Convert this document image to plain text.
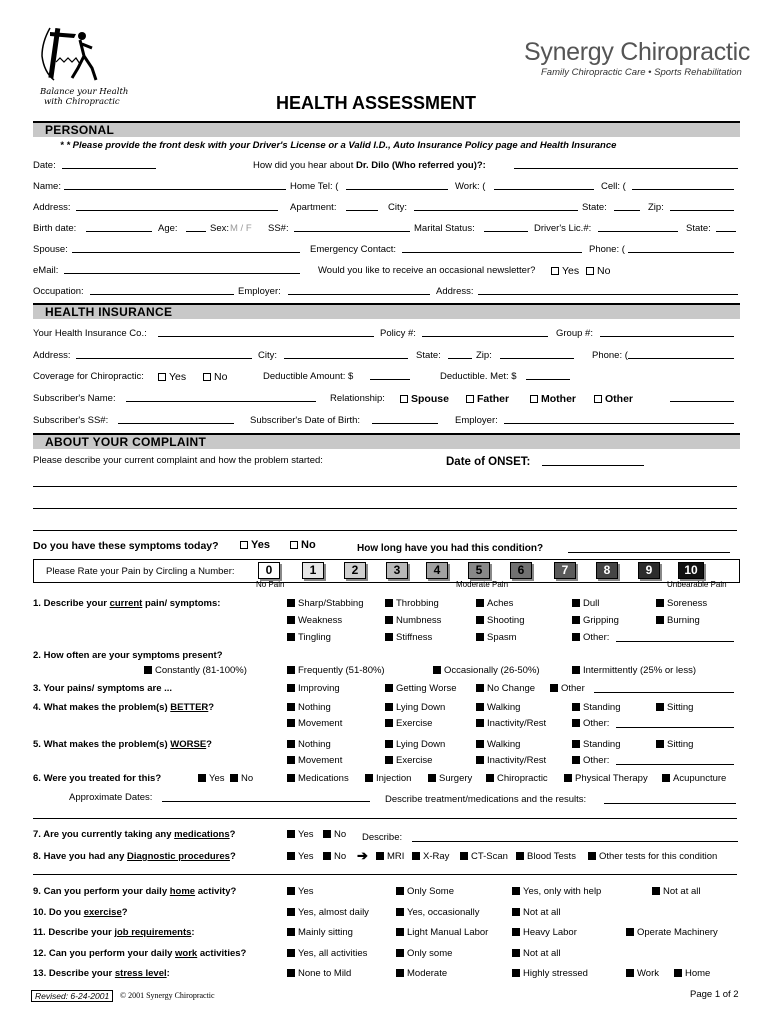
Balance your Health
with Chiropractic
Synergy Chiropractic
Family Chiropractic Care • Sports Rehabilitation
HEALTH ASSESSMENT
PERSONAL
* * Please provide the front desk with your Driver's License or a Valid I.D., Auto Insurance Policy page and Health Insurance
Date:	How did you hear about Dr. Dilo (Who referred you)?:
Name:	Home Tel: (	Work: (	Cell: (
Address:	Apartment:	City:	State:	Zip:
Birth date:	Age:	Sex: M / F SS#:	Marital Status:	Driver's Lic.#:	State:
Spouse:	Emergency Contact:	Phone: (
eMail:	Would you like to receive an occasional newsletter?	Yes	No
Occupation:	Employer:	Address:
HEALTH INSURANCE
Your Health Insurance Co.:	Policy #:	Group #:
Address:	City:	State:	Zip:	Phone: (
Coverage for Chiropractic:	Yes	No	Deductible Amount: $	Deductible. Met: $
Subscriber's Name:	Relationship:	Spouse	Father	Mother	Other
Subscriber's SS#:	Subscriber's Date of Birth:	Employer:
ABOUT YOUR COMPLAINT
Please describe your current complaint and how the problem started:	Date of ONSET:
Do you have these symptoms today?	Yes	No	How long have you had this condition?
Please Rate your Pain by Circling a Number:	0	1	2	3	4	5	6	7	8	9	10
No Pain	Moderate Pain	Unbearable Pain
1. Describe your current pain/ symptoms:	Sharp/Stabbing	Throbbing	Aches	Dull	Soreness
Weakness	Numbness	Shooting	Gripping	Burning
Tingling	Stiffness	Spasm	Other:
2. How often are your symptoms present?
Constantly (81-100%)	Frequently (51-80%)	Occasionally (26-50%)	Intermittently (25% or less)
3. Your pains/ symptoms are ...	Improving	Getting Worse	No Change	Other
4. What makes the problem(s) BETTER?	Nothing	Lying Down	Walking	Standing	Sitting
Movement	Exercise	Inactivity/Rest	Other:
5. What makes the problem(s) WORSE?	Nothing	Lying Down	Walking	Standing	Sitting
Movement	Exercise	Inactivity/Rest	Other:
6. Were you treated for this?	Yes	No	Medications	Injection	Surgery	Chiropractic	Physical Therapy	Acupuncture
Approximate Dates:	Describe treatment/medications and the results:
7. Are you currently taking any medications?	Yes	No Describe:
8. Have you had any Diagnostic procedures?	Yes	No ➔	MRI	X-Ray	CT-Scan	Blood Tests	Other tests for this condition
9. Can you perform your daily home activity?	Yes	Only Some	Yes, only with help	Not at all
10. Do you exercise?	Yes, almost daily	Yes, occasionally	Not at all
11. Describe your job requirements:	Mainly sitting	Light Manual Labor	Heavy Labor	Operate Machinery
12. Can you perform your daily work activities?	Yes, all activities	Only some	Not at all
13. Describe your stress level:	None to Mild	Moderate	Highly stressed	Work	Home
Revised: 6-24-2001	© 2001 Synergy Chiropractic	Page 1 of 2
